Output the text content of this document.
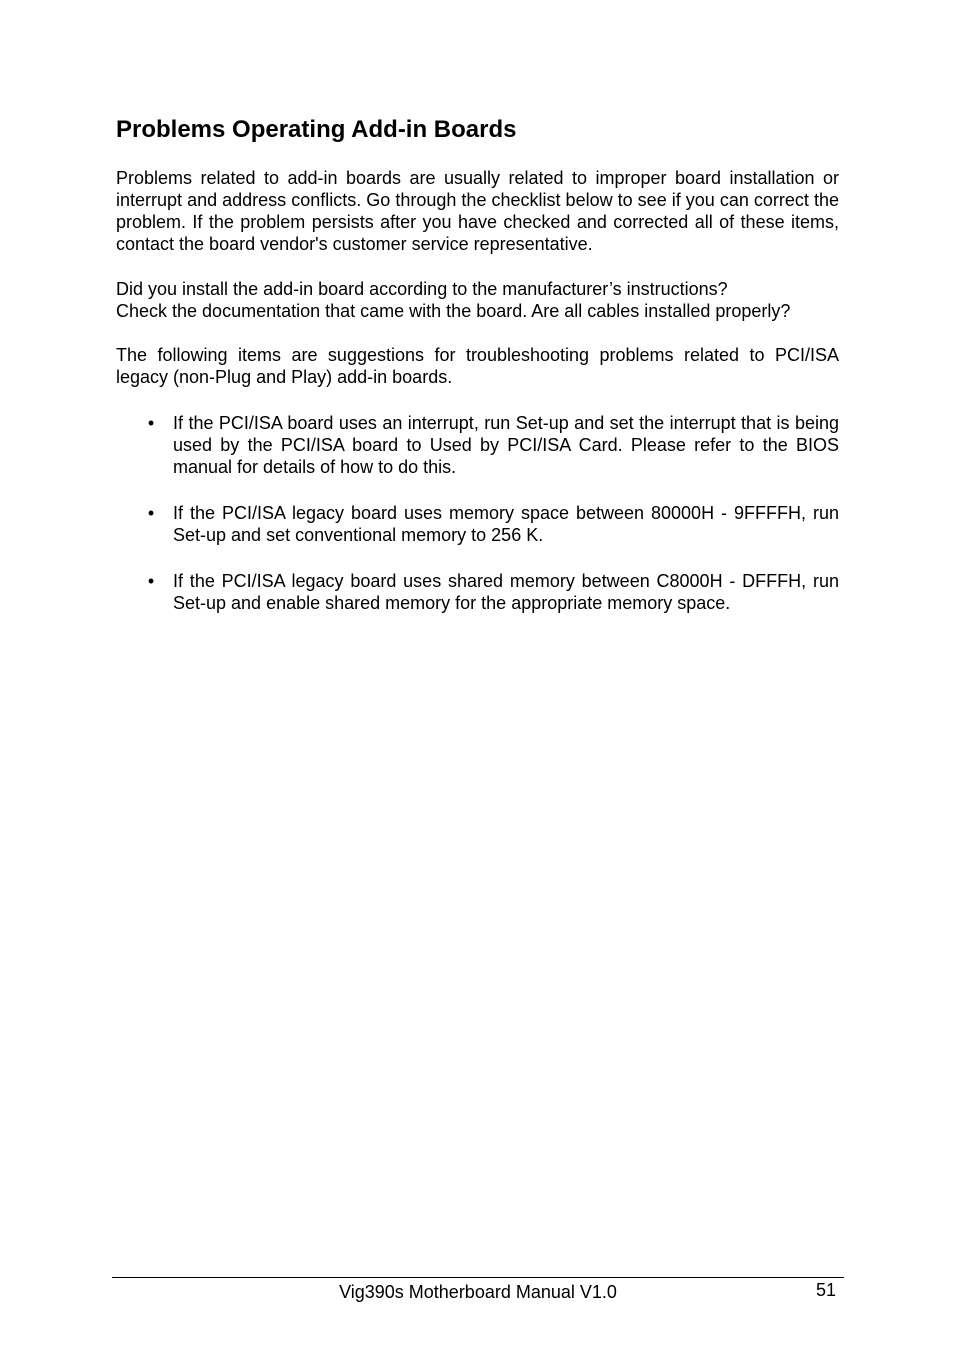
Problems Operating Add-in Boards

Problems related to add-in boards are usually related to improper board installation or interrupt and address conflicts. Go through the checklist below to see if you can correct the problem. If the problem persists after you have checked and corrected all of these items, contact the board vendor's customer service representative.

Did you install the add-in board according to the manufacturer’s instructions?
Check the documentation that came with the board. Are all cables installed properly?

The following items are suggestions for troubleshooting problems related to PCI/ISA legacy (non-Plug and Play) add-in boards.

• If the PCI/ISA board uses an interrupt, run Set-up and set the interrupt that is being used by the PCI/ISA board to Used by PCI/ISA Card. Please refer to the BIOS manual for details of how to do this.
• If the PCI/ISA legacy board uses memory space between 80000H - 9FFFFH, run Set-up and set conventional memory to 256 K.
• If the PCI/ISA legacy board uses shared memory between C8000H - DFFFH, run Set-up and enable shared memory for the appropriate memory space.
Vig390s Motherboard Manual V1.0	51
